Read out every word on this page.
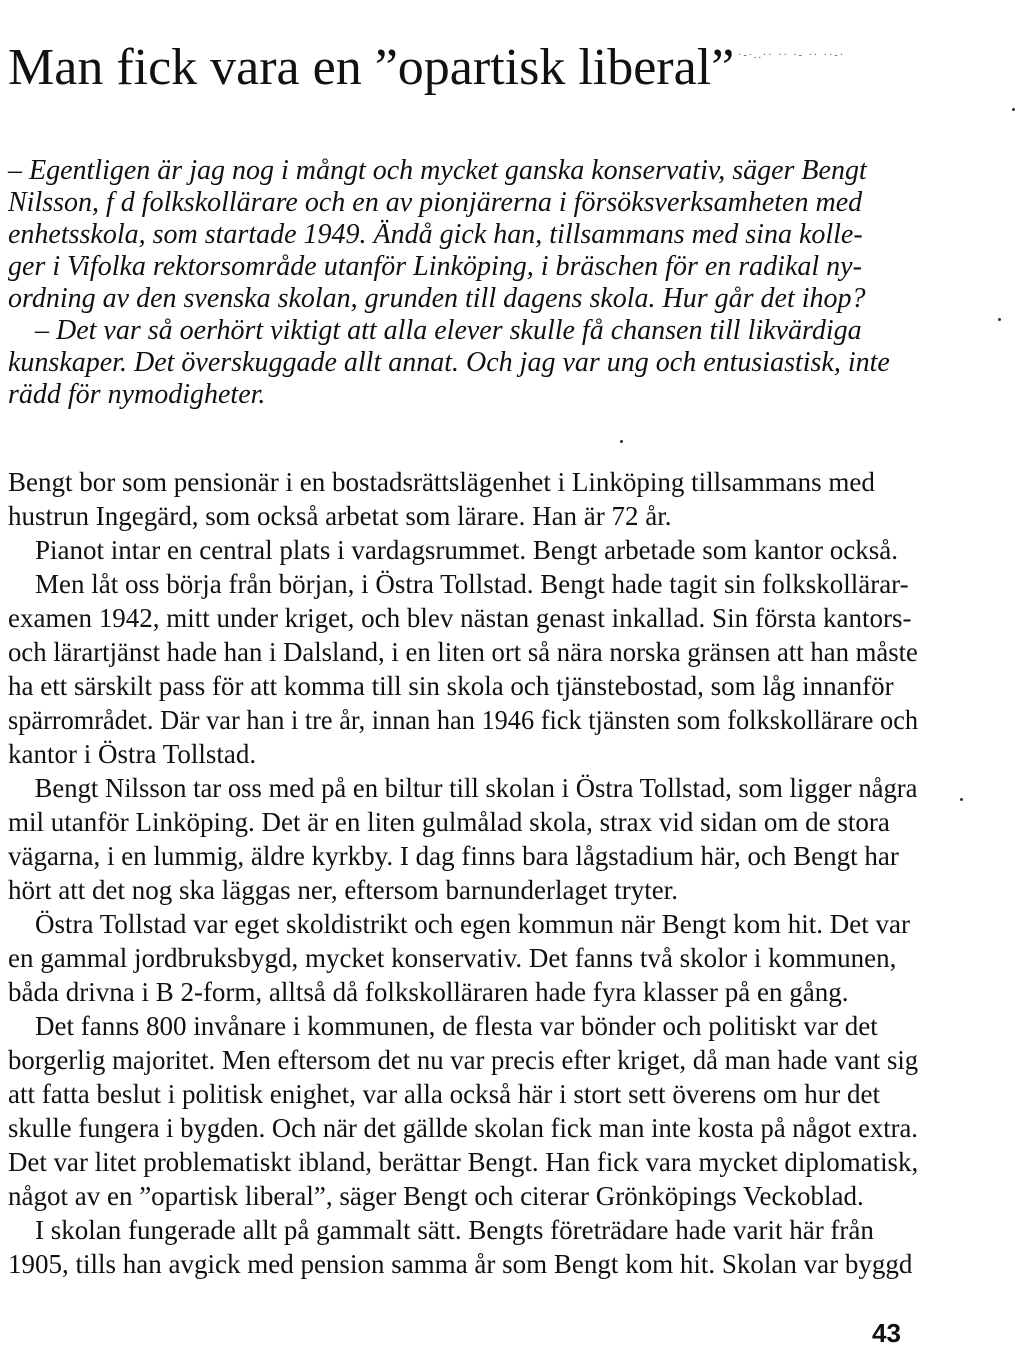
Man fick vara en ”opartisk liberal”
·-·..
– Egentligen är jag nog i mångt och mycket ganska konservativ, säger Bengt
Nilsson, f d folkskollärare och en av pionjärerna i försöksverksamheten med
enhetsskola, som startade 1949. Ändå gick han, tillsammans med sina kolle-
ger i Vifolka rektorsområde utanför Linköping, i bräschen för en radikal ny-
ordning av den svenska skolan, grunden till dagens skola. Hur går det ihop?
– Det var så oerhört viktigt att alla elever skulle få chansen till likvärdiga
kunskaper. Det överskuggade allt annat. Och jag var ung och entusiastisk, inte
rädd för nymodigheter.
Bengt bor som pensionär i en bostadsrättslägenhet i Linköping tillsammans med
hustrun Ingegärd, som också arbetat som lärare. Han är 72 år.
Pianot intar en central plats i vardagsrummet. Bengt arbetade som kantor också.
Men låt oss börja från början, i Östra Tollstad. Bengt hade tagit sin folkskollärar-
examen 1942, mitt under kriget, och blev nästan genast inkallad. Sin första kantors-
och lärartjänst hade han i Dalsland, i en liten ort så nära norska gränsen att han måste
ha ett särskilt pass för att komma till sin skola och tjänstebostad, som låg innanför
spärrområdet. Där var han i tre år, innan han 1946 fick tjänsten som folkskollärare och
kantor i Östra Tollstad.
Bengt Nilsson tar oss med på en biltur till skolan i Östra Tollstad, som ligger några
mil utanför Linköping. Det är en liten gulmålad skola, strax vid sidan om de stora
vägarna, i en lummig, äldre kyrkby. I dag finns bara lågstadium här, och Bengt har
hört att det nog ska läggas ner, eftersom barnunderlaget tryter.
Östra Tollstad var eget skoldistrikt och egen kommun när Bengt kom hit. Det var
en gammal jordbruksbygd, mycket konservativ. Det fanns två skolor i kommunen,
båda drivna i B 2-form, alltså då folkskolläraren hade fyra klasser på en gång.
Det fanns 800 invånare i kommunen, de flesta var bönder och politiskt var det
borgerlig majoritet. Men eftersom det nu var precis efter kriget, då man hade vant sig
att fatta beslut i politisk enighet, var alla också här i stort sett överens om hur det
skulle fungera i bygden. Och när det gällde skolan fick man inte kosta på något extra.
Det var litet problematiskt ibland, berättar Bengt. Han fick vara mycket diplomatisk,
något av en ”opartisk liberal”, säger Bengt och citerar Grönköpings Veckoblad.
I skolan fungerade allt på gammalt sätt. Bengts företrädare hade varit här från
1905, tills han avgick med pension samma år som Bengt kom hit. Skolan var byggd
43
